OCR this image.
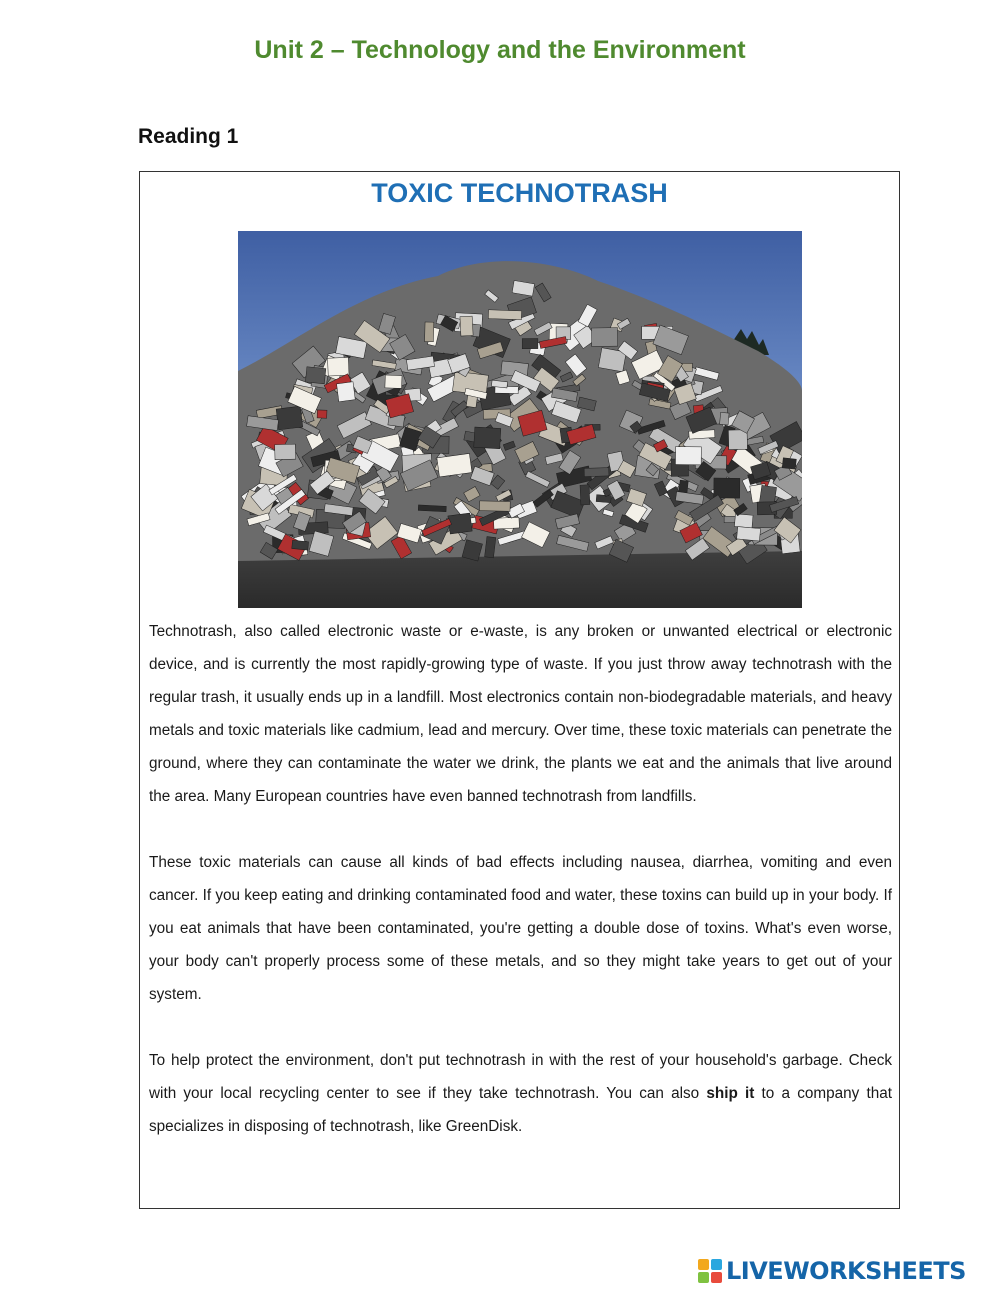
Unit 2 – Technology and the Environment
Reading 1
TOXIC TECHNOTRASH

Technotrash, also called electronic waste or e-waste, is any broken or unwanted electrical or electronic device, and is currently the most rapidly-growing type of waste. If you just throw away technotrash with the regular trash, it usually ends up in a landfill. Most electronics contain non-biodegradable materials, and heavy metals and toxic materials like cadmium, lead and mercury. Over time, these toxic materials can penetrate the ground, where they can contaminate the water we drink, the plants we eat and the animals that live around the area. Many European countries have even banned technotrash from landfills.

These toxic materials can cause all kinds of bad effects including nausea, diarrhea, vomiting and even cancer. If you keep eating and drinking contaminated food and water, these toxins can build up in your body. If you eat animals that have been contaminated, you're getting a double dose of toxins. What's even worse, your body can't properly process some of these metals, and so they might take years to get out of your system.

To help protect the environment, don't put technotrash in with the rest of your household's garbage. Check with your local recycling center to see if they take technotrash. You can also ship it to a company that specializes in disposing of technotrash, like GreenDisk.

LIVEWORKSHEETS
